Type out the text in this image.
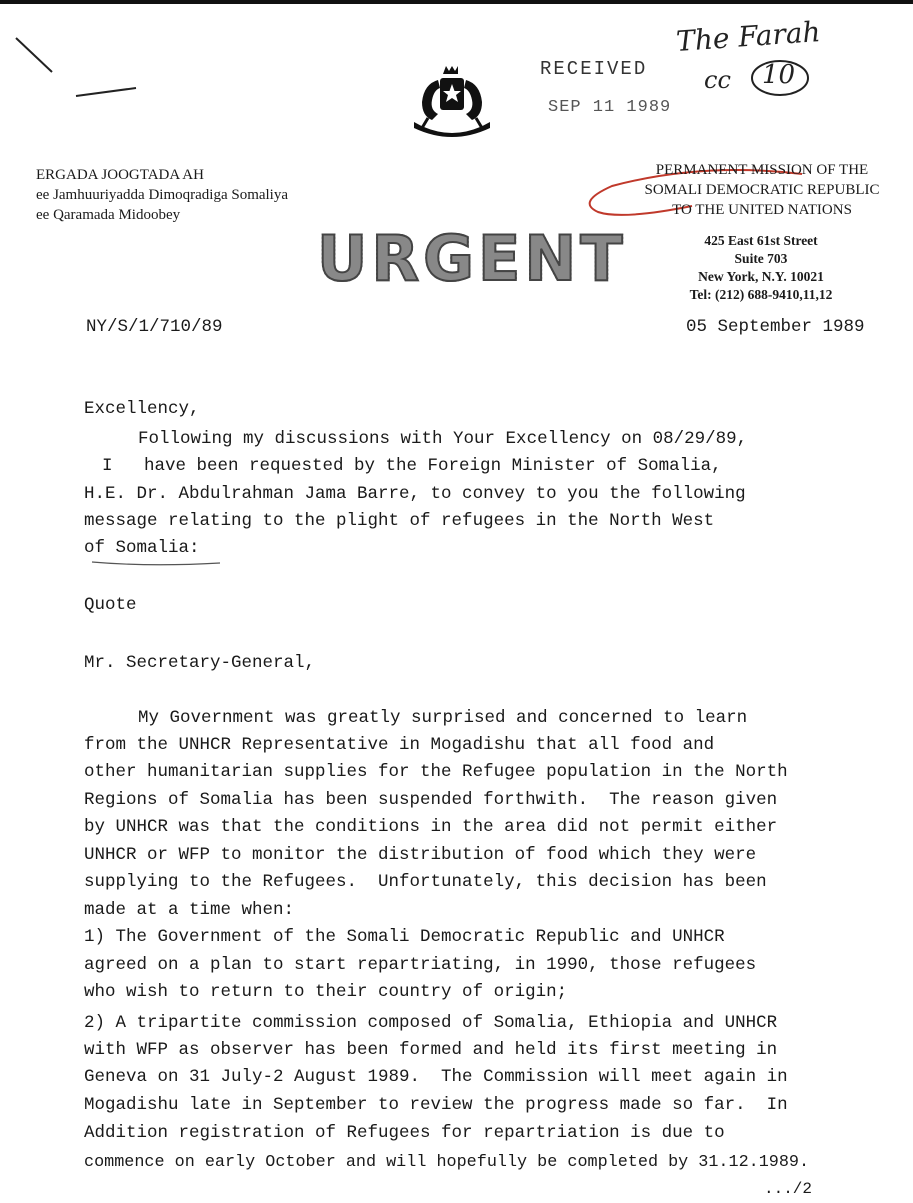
RECEIVED
SEP 11 1989
The Farah
cc 10
ERGADA JOOGTADA AH
ee Jamhuuriyadda Dimoqradiga Somaliya
ee Qaramada Midoobey
PERMANENT MISSION OF THE
SOMALI DEMOCRATIC REPUBLIC
TO THE UNITED NATIONS
425 East 61st Street
Suite 703
New York, N.Y. 10021
Tel: (212) 688-9410,11,12
URGENT
NY/S/1/710/89	05 September 1989
Excellency,
Following my discussions with Your Excellency on 08/29/89,
I   have been requested by the Foreign Minister of Somalia,
H.E. Dr. Abdulrahman Jama Barre, to convey to you the following
message relating to the plight of refugees in the North West
of Somalia:
Quote
Mr. Secretary-General,
My Government was greatly surprised and concerned to learn
from the UNHCR Representative in Mogadishu that all food and
other humanitarian supplies for the Refugee population in the North
Regions of Somalia has been suspended forthwith.  The reason given
by UNHCR was that the conditions in the area did not permit either
UNHCR or WFP to monitor the distribution of food which they were
supplying to the Refugees.  Unfortunately, this decision has been
made at a time when:
1) The Government of the Somali Democratic Republic and UNHCR
agreed on a plan to start repartriating, in 1990, those refugees
who wish to return to their country of origin;
2) A tripartite commission composed of Somalia, Ethiopia and UNHCR
with WFP as observer has been formed and held its first meeting in
Geneva on 31 July-2 August 1989.  The Commission will meet again in
Mogadishu late in September to review the progress made so far.  In
Addition registration of Refugees for repartriation is due to
commence on early October and will hopefully be completed by 31.12.1989.
.../2
